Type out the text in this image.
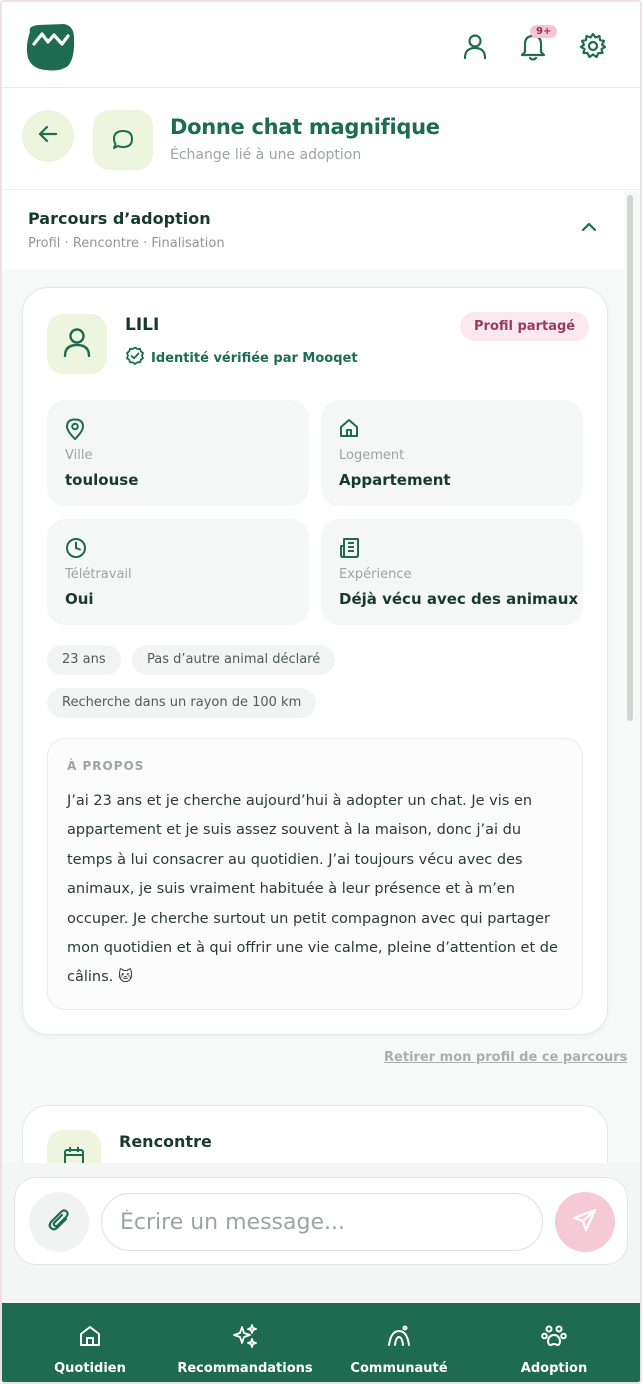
9+
Donne chat magnifique
Échange lié à une adoption
Parcours d’adoption
Profil · Rencontre · Finalisation
LILI
Identité vérifiée par Mooqet
Profil partagé
Ville
toulouse
Logement
Appartement
Télétravail
Oui
Expérience
Déjà vécu avec des animaux
23 ans	Pas d’autre animal déclaré
Recherche dans un rayon de 100 km
À PROPOS
J’ai 23 ans et je cherche aujourd’hui à adopter un chat. Je vis en appartement et je suis assez souvent à la maison, donc j’ai du temps à lui consacrer au quotidien. J’ai toujours vécu avec des animaux, je suis vraiment habituée à leur présence et à m’en occuper. Je cherche surtout un petit compagnon avec qui partager mon quotidien et à qui offrir une vie calme, pleine d’attention et de câlins. 🐱
Retirer mon profil de ce parcours
Rencontre
Écrire un message...
Quotidien	Recommandations	Communauté	Adoption
